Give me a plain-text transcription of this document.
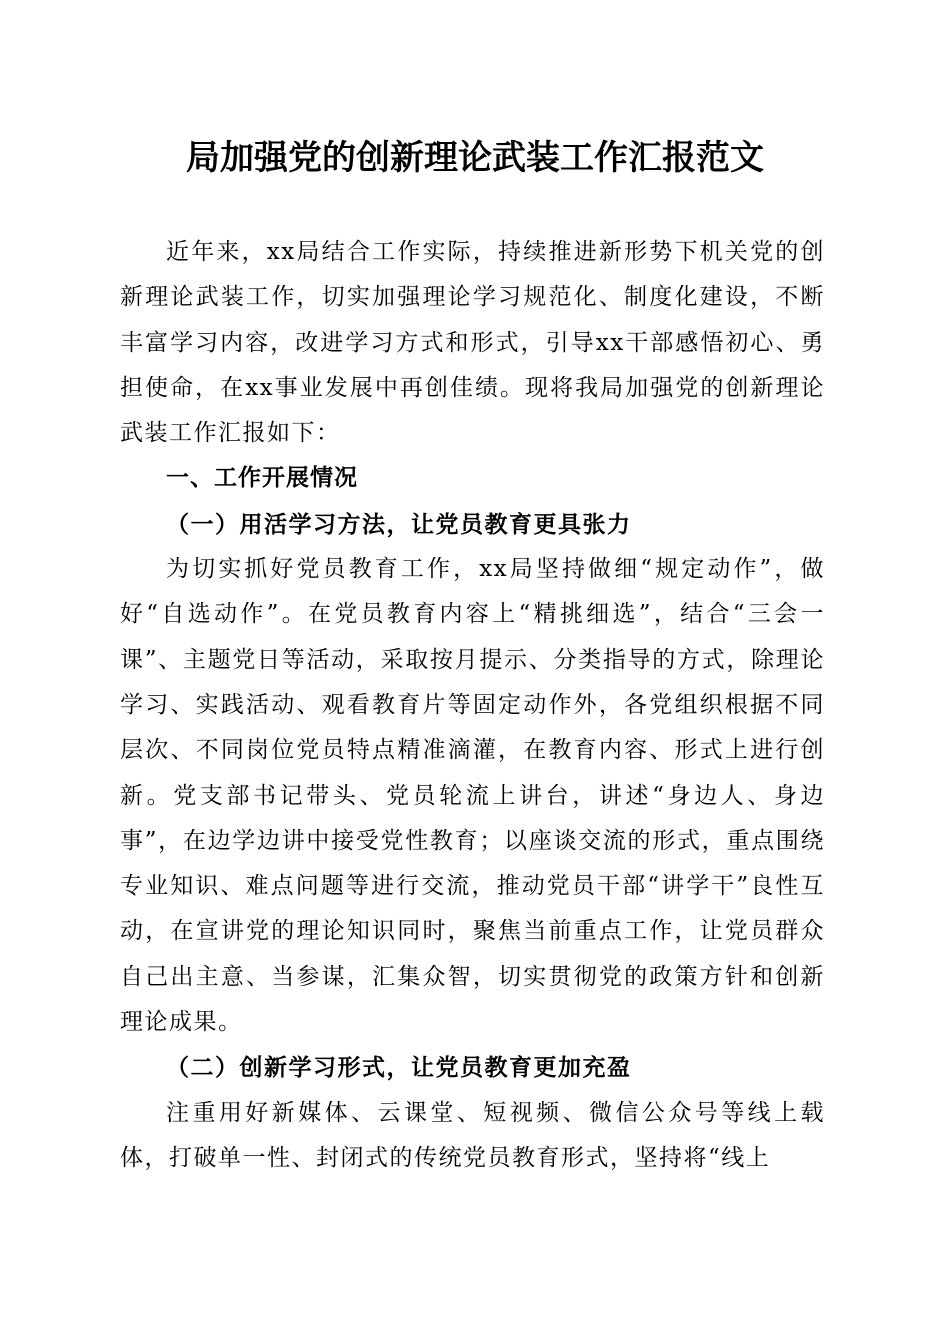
局加强党的创新理论武装工作汇报范文

近年来，xx局结合工作实际，持续推进新形势下机关党的创新理论武装工作，切实加强理论学习规范化、制度化建设，不断丰富学习内容，改进学习方式和形式，引导xx干部感悟初心、勇担使命，在xx事业发展中再创佳绩。现将我局加强党的创新理论武装工作汇报如下：

一、工作开展情况

（一）用活学习方法，让党员教育更具张力

为切实抓好党员教育工作，xx局坚持做细“规定动作”，做好“自选动作”。在党员教育内容上“精挑细选”，结合“三会一课”、主题党日等活动，采取按月提示、分类指导的方式，除理论学习、实践活动、观看教育片等固定动作外，各党组织根据不同层次、不同岗位党员特点精准滴灌，在教育内容、形式上进行创新。党支部书记带头、党员轮流上讲台，讲述“身边人、身边事”，在边学边讲中接受党性教育；以座谈交流的形式，重点围绕专业知识、难点问题等进行交流，推动党员干部“讲学干”良性互动，在宣讲党的理论知识同时，聚焦当前重点工作，让党员群众自己出主意、当参谋，汇集众智，切实贯彻党的政策方针和创新理论成果。

（二）创新学习形式，让党员教育更加充盈

注重用好新媒体、云课堂、短视频、微信公众号等线上载体，打破单一性、封闭式的传统党员教育形式，坚持将“线上
